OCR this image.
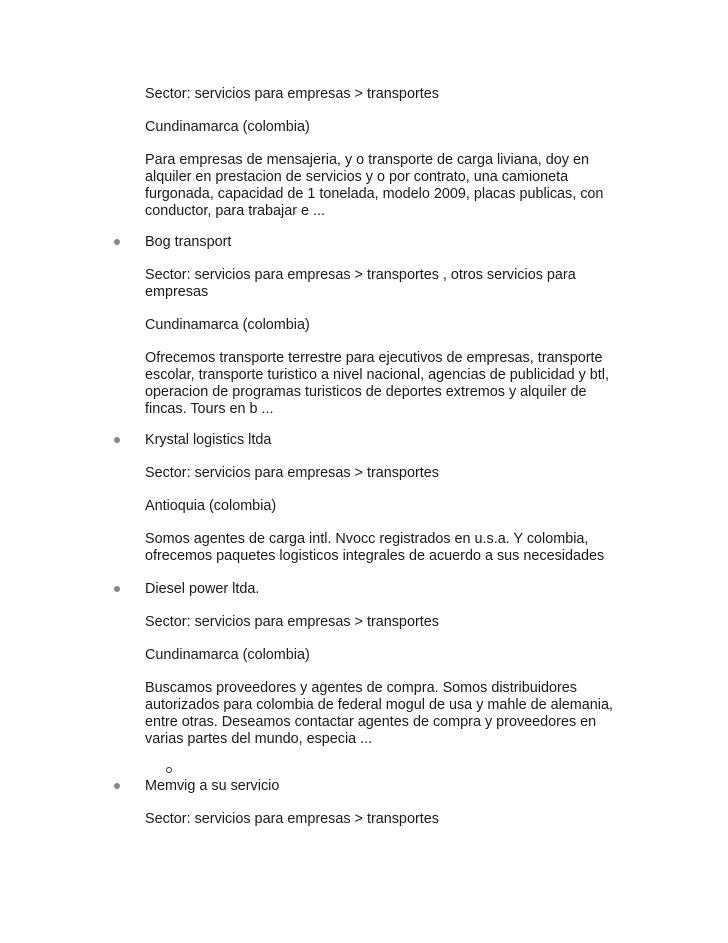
Sector: servicios para empresas > transportes
Cundinamarca (colombia)
Para empresas de mensajeria, y o transporte de carga liviana, doy en
alquiler en prestacion de servicios y o por contrato, una camioneta
furgonada, capacidad de 1 tonelada, modelo 2009, placas publicas, con
conductor, para trabajar e ...
Bog transport
Sector: servicios para empresas > transportes , otros servicios para
empresas
Cundinamarca (colombia)
Ofrecemos transporte terrestre para ejecutivos de empresas, transporte
escolar, transporte turistico a nivel nacional, agencias de publicidad y btl,
operacion de programas turisticos de deportes extremos y alquiler de
fincas. Tours en b ...
Krystal logistics ltda
Sector: servicios para empresas > transportes
Antioquia (colombia)
Somos agentes de carga intl. Nvocc registrados en u.s.a. Y colombia,
ofrecemos paquetes logisticos integrales de acuerdo a sus necesidades
Diesel power ltda.
Sector: servicios para empresas > transportes
Cundinamarca (colombia)
Buscamos proveedores y agentes de compra. Somos distribuidores
autorizados para colombia de federal mogul de usa y mahle de alemania,
entre otras. Deseamos contactar agentes de compra y proveedores en
varias partes del mundo, especia ...
Memvig a su servicio
Sector: servicios para empresas > transportes
